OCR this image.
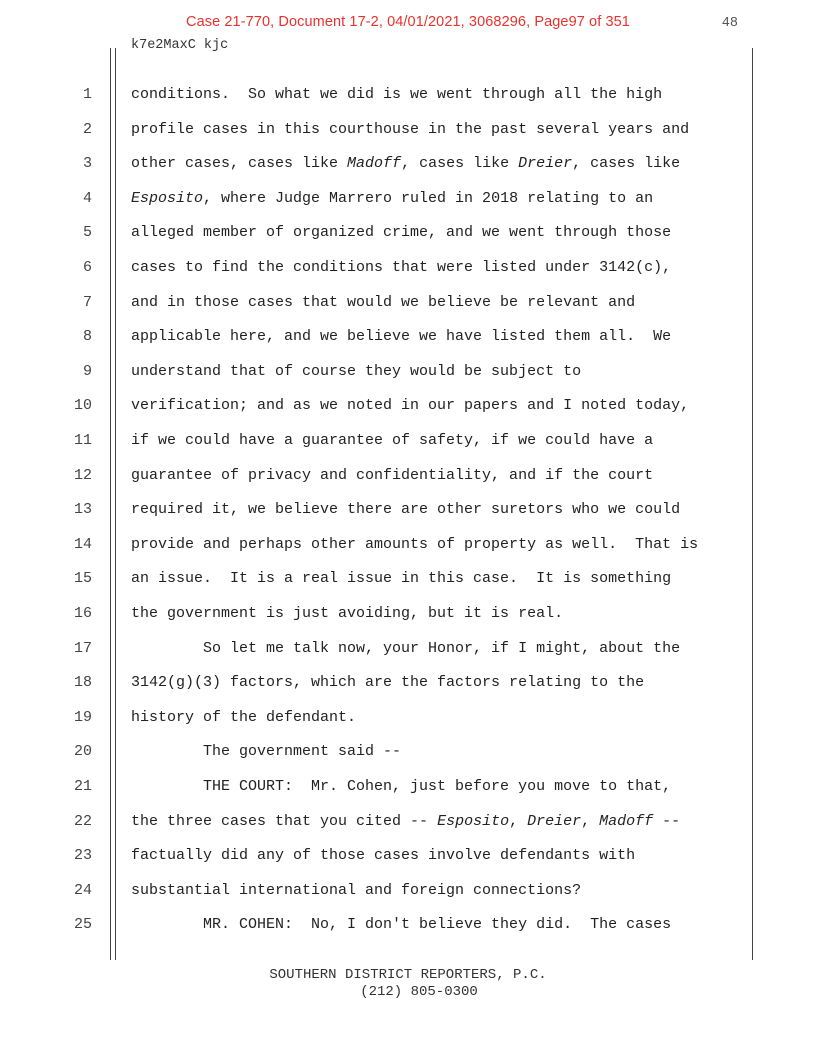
Case 21-770, Document 17-2, 04/01/2021, 3068296, Page97 of 351	48
k7e2MaxC kjc
1	conditions.  So what we did is we went through all the high
2	profile cases in this courthouse in the past several years and
3	other cases, cases like Madoff, cases like Dreier, cases like
4	Esposito, where Judge Marrero ruled in 2018 relating to an
5	alleged member of organized crime, and we went through those
6	cases to find the conditions that were listed under 3142(c),
7	and in those cases that would we believe be relevant and
8	applicable here, and we believe we have listed them all.  We
9	understand that of course they would be subject to
10	verification; and as we noted in our papers and I noted today,
11	if we could have a guarantee of safety, if we could have a
12	guarantee of privacy and confidentiality, and if the court
13	required it, we believe there are other suretors who we could
14	provide and perhaps other amounts of property as well.  That is
15	an issue.  It is a real issue in this case.  It is something
16	the government is just avoiding, but it is real.
17	So let me talk now, your Honor, if I might, about the
18	3142(g)(3) factors, which are the factors relating to the
19	history of the defendant.
20	The government said --
21	THE COURT:  Mr. Cohen, just before you move to that,
22	the three cases that you cited -- Esposito, Dreier, Madoff --
23	factually did any of those cases involve defendants with
24	substantial international and foreign connections?
25	MR. COHEN:  No, I don't believe they did.  The cases
SOUTHERN DISTRICT REPORTERS, P.C.
(212) 805-0300
